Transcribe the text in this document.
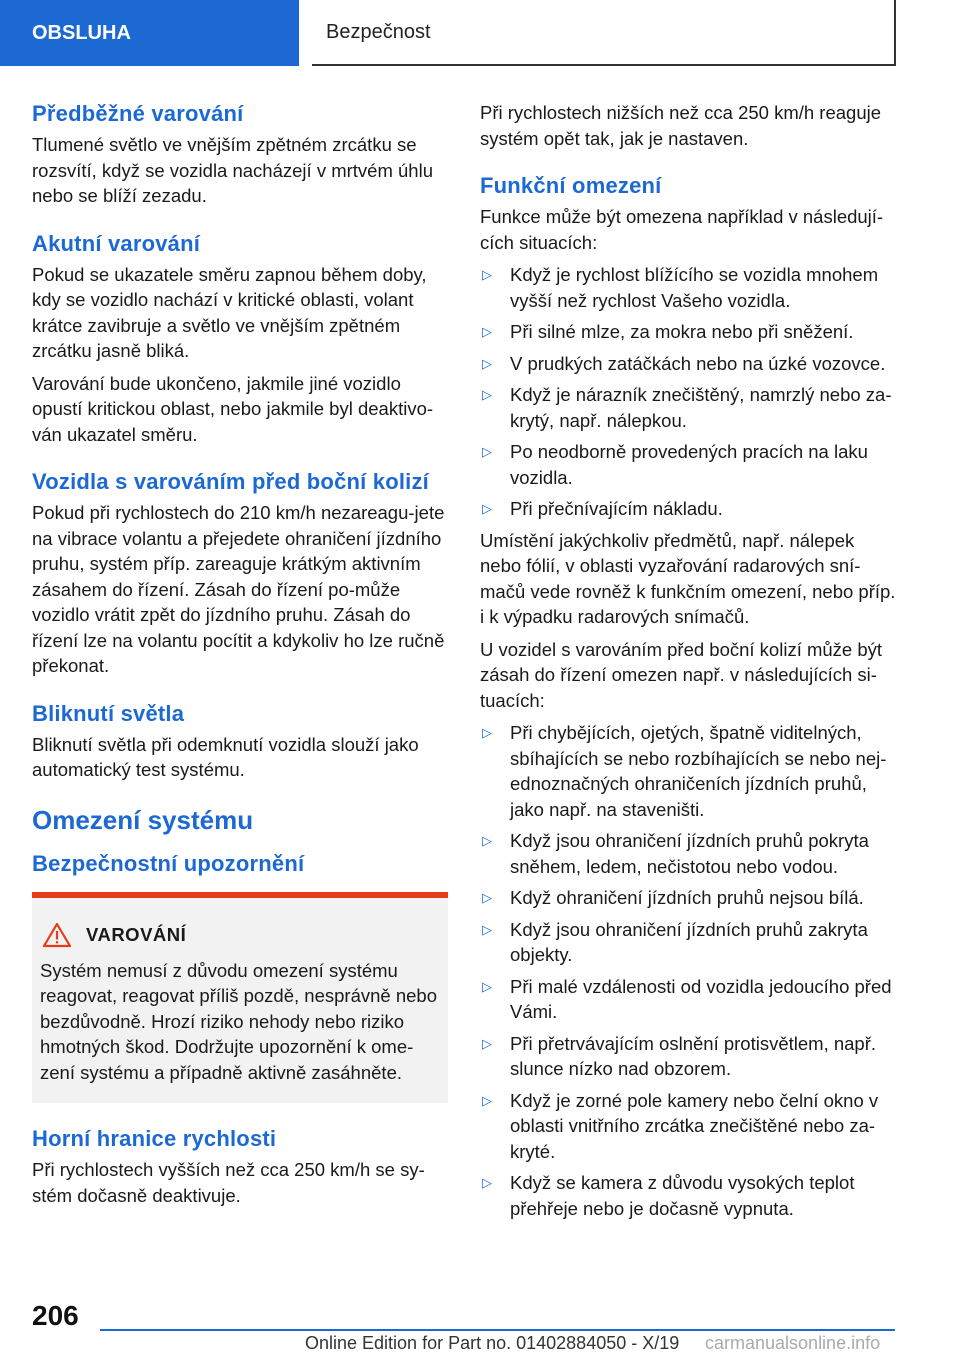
OBSLUHA	Bezpečnost
Předběžné varování
Tlumené světlo ve vnějším zpětném zrcátku se rozsvítí, když se vozidla nacházejí v mrtvém úhlu nebo se blíží zezadu.
Akutní varování
Pokud se ukazatele směru zapnou během doby, kdy se vozidlo nachází v kritické oblasti, volant krátce zavibruje a světlo ve vnějším zpětném zrcátku jasně bliká.
Varování bude ukončeno, jakmile jiné vozidlo opustí kritickou oblast, nebo jakmile byl deaktivo-ván ukazatel směru.
Vozidla s varováním před boční kolizí
Pokud při rychlostech do 210 km/h nezareagu-jete na vibrace volantu a přejedete ohraničení jízdního pruhu, systém příp. zareaguje krátkým aktivním zásahem do řízení. Zásah do řízení po-může vozidlo vrátit zpět do jízdního pruhu. Zásah do řízení lze na volantu pocítit a kdykoliv ho lze ručně překonat.
Bliknutí světla
Bliknutí světla při odemknutí vozidla slouží jako automatický test systému.
Omezení systému
Bezpečnostní upozornění
VAROVÁNÍ
Systém nemusí z důvodu omezení systému reagovat, reagovat příliš pozdě, nesprávně nebo bezdůvodně. Hrozí riziko nehody nebo riziko hmotných škod. Dodržujte upozornění k ome-zení systému a případně aktivně zasáhněte.
Horní hranice rychlosti
Při rychlostech vyšších než cca 250 km/h se sy-stém dočasně deaktivuje.
Při rychlostech nižších než cca 250 km/h reaguje systém opět tak, jak je nastaven.
Funkční omezení
Funkce může být omezena například v následují-cích situacích:
▷ Když je rychlost blížícího se vozidla mnohem vyšší než rychlost Vašeho vozidla.
▷ Při silné mlze, za mokra nebo při sněžení.
▷ V prudkých zatáčkách nebo na úzké vozovce.
▷ Když je nárazník znečištěný, namrzlý nebo za-krytý, např. nálepkou.
▷ Po neodborně provedených pracích na laku vozidla.
▷ Při přečnívajícím nákladu.
Umístění jakýchkoliv předmětů, např. nálepek nebo fólií, v oblasti vyzařování radarových sní-mačů vede rovněž k funkčním omezení, nebo příp. i k výpadku radarových snímačů.
U vozidel s varováním před boční kolizí může být zásah do řízení omezen např. v následujících si-tuacích:
▷ Při chybějících, ojetých, špatně viditelných, sbíhajících se nebo rozbíhajících se nebo nej-ednoznačných ohraničeních jízdních pruhů, jako např. na staveništi.
▷ Když jsou ohraničení jízdních pruhů pokryta sněhem, ledem, nečistotou nebo vodou.
▷ Když ohraničení jízdních pruhů nejsou bílá.
▷ Když jsou ohraničení jízdních pruhů zakryta objekty.
▷ Při malé vzdálenosti od vozidla jedoucího před Vámi.
▷ Při přetrvávajícím oslnění protisvětlem, např. slunce nízko nad obzorem.
▷ Když je zorné pole kamery nebo čelní okno v oblasti vnitřního zrcátka znečištěné nebo za-kryté.
▷ Když se kamera z důvodu vysokých teplot přehřeje nebo je dočasně vypnuta.
206
Online Edition for Part no. 01402884050 - X/19 carmanualsonline.info
